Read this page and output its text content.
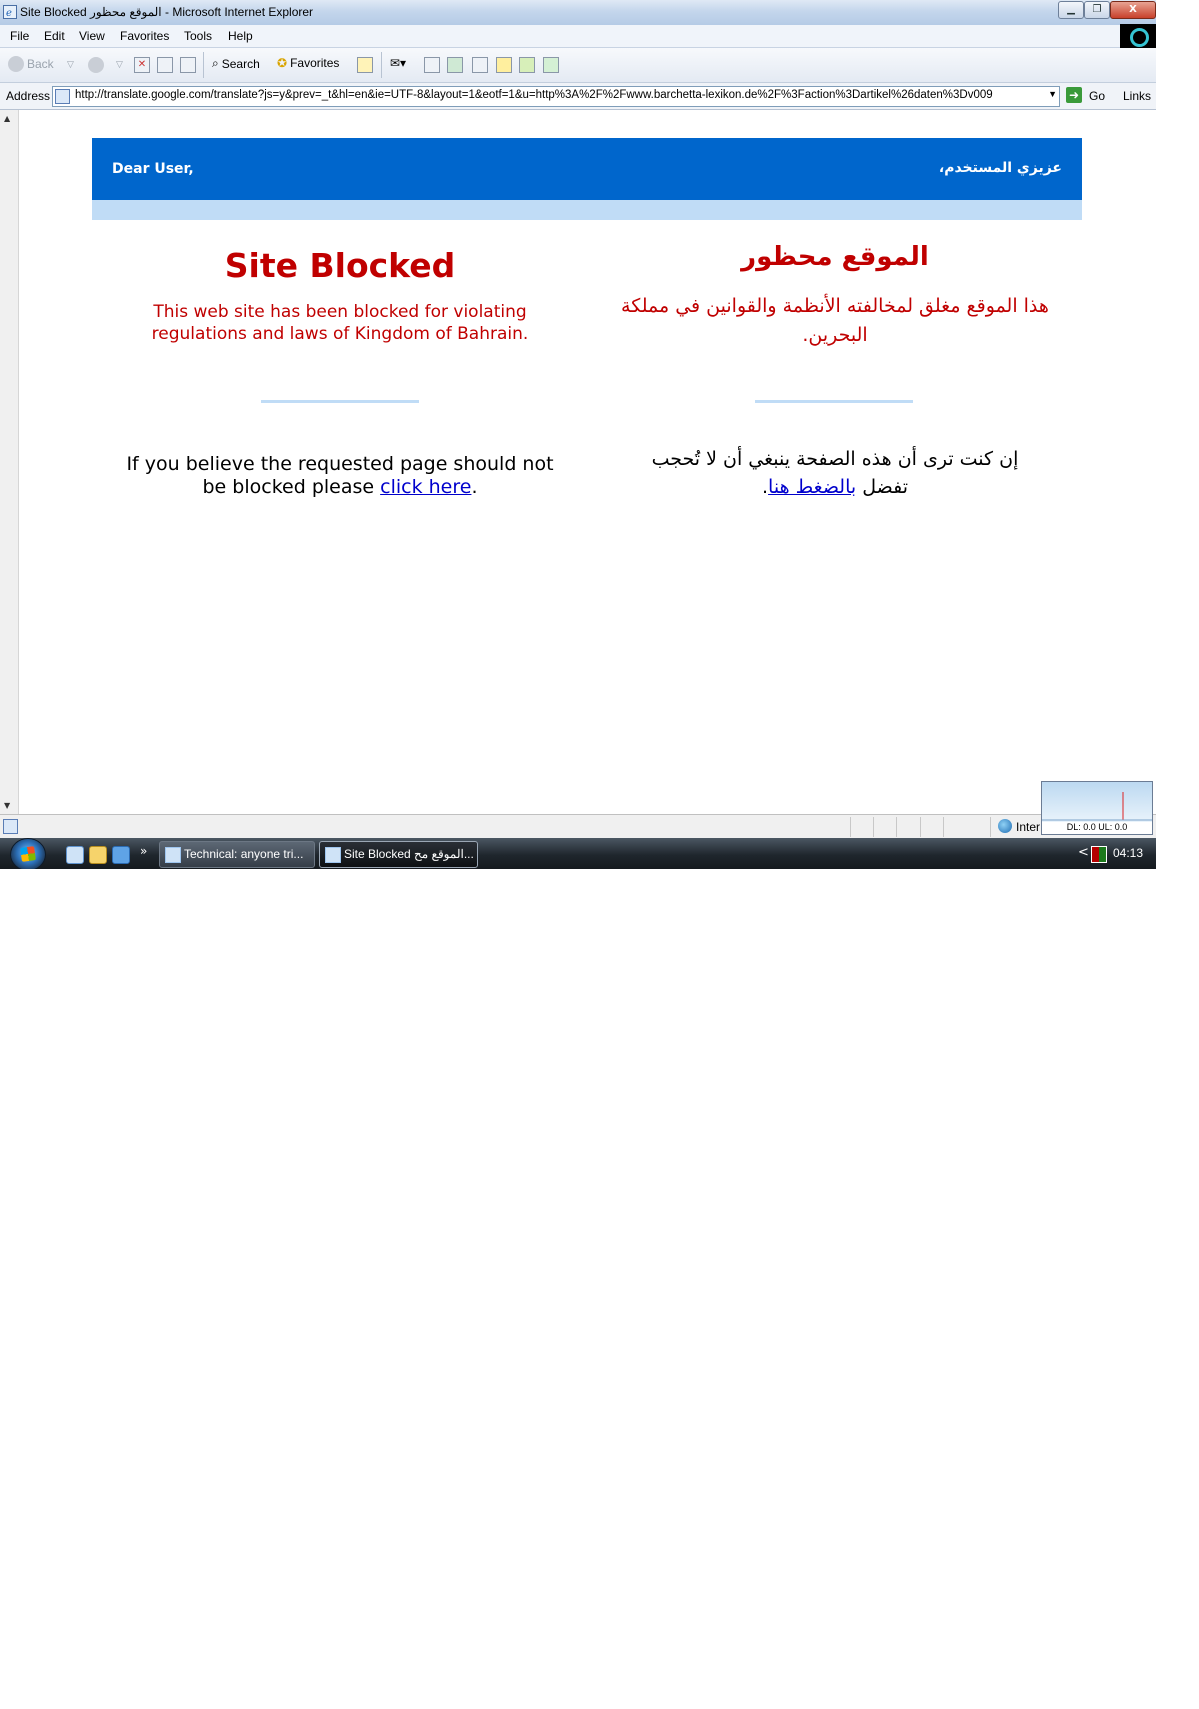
e Site Blocked الموقع محظور - Microsoft Internet Explorer	▁	❐	X
File Edit View Favorites Tools Help
Back ▽	▽	✕	⌕ Search ✪ Favorites	✉▾
Address http://translate.google.com/translate?js=y&prev=_t&hl=en&ie=UTF-8&layout=1&eotf=1&u=http%3A%2F%2Fwww.barchetta-lexikon.de%2F%3Faction%3Dartikel%26daten%3Dv009	▼ ➜ Go Links
▲
▼
Dear User,	عزيزي المستخدم،
Site Blocked	الموقع محظور
This web site has been blocked for violating regulations and laws of Kingdom of Bahrain.
هذا الموقع مغلق لمخالفته الأنظمة والقوانين في مملكة البحرين.
If you believe the requested page should not be blocked please click here.
إن كنت ترى أن هذه الصفحة ينبغي أن لا تُحجب تفضل بالضغط هنا.
Inter	DL: 0.0 UL: 0.0
»	Technical: anyone tri...	Site Blocked الموقع مح...	< 04:13
